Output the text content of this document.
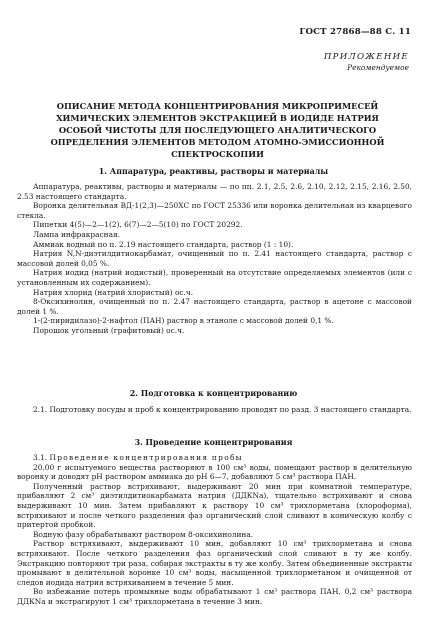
ГОСТ 27868—88 С. 11
ПРИЛОЖЕНИЕ
Рекомендуемое
ОПИСАНИЕ МЕТОДА КОНЦЕНТРИРОВАНИЯ МИКРОПРИМЕСЕЙ
ХИМИЧЕСКИХ ЭЛЕМЕНТОВ ЭКСТРАКЦИЕЙ В ИОДИДЕ НАТРИЯ
ОСОБОЙ ЧИСТОТЫ ДЛЯ ПОСЛЕДУЮЩЕГО АНАЛИТИЧЕСКОГО
ОПРЕДЕЛЕНИЯ ЭЛЕМЕНТОВ МЕТОДОМ АТОМНО-ЭМИССИОННОЙ
СПЕКТРОСКОПИИ
1. Аппаратура, реактивы, растворы и материалы

Аппаратура, реактивы, растворы и материалы — по пп. 2.1, 2.5, 2.6, 2.10, 2.12, 2.15, 2.16, 2.50, 2.53 настоящего стандарта.

Воронка делительная ВД-1(2,3)—250ХС по ГОСТ 25336 или воронка делительная из кварцевого стекла.

Пипетки 4(5)—2—1(2), 6(7)—2—5(10) по ГОСТ 20292.

Лампа инфракрасная.

Аммиак водный по п. 2.19 настоящего стандарта, раствор (1 : 10).

Натрия N,N-диэтилдитиокарбамат, очищенный по п. 2.41 настоящего стандарта, раствор с массовой долей 0,05 %.

Натрия иодид (натрий иодистый), проверенный на отсутствие определяемых элементов (или с установленным их содержанием).

Натрия хлорид (натрий хлористый) ос.ч.

8-Оксихинолин, очищенный по п. 2.47 настоящего стандарта, раствор в ацетоне с массовой долей 1 %.

1-(2-пиридилазо)-2-нафтол (ПАН) раствор в этаноле с массовой долей 0,1 %.

Порошок угольный (графитовый) ос.ч.

2. Подготовка к концентрированию

2.1. Подготовку посуды и проб к концентрированию проводят по разд. 3 настоящего стандарта.

3. Проведение концентрирования

3.1. Проведение концентрирования пробы

20,00 г испытуемого вещества растворяют в 100 см³ воды, помещают раствор в делительную воронку и доводят рН раствором аммиака до рН 6—7, добавляют 5 см³ раствора ПАН.

Полученный раствор встряхивают, выдерживают 20 мин при комнатной температуре, прибавляют 2 см³ диэтилдитиокарбамата натрия (ДДКNa), тщательно встряхивают и снова выдерживают 10 мин. Затем прибавляют к раствору 10 см³ трихлорметана (хлороформа), встряхивают и после четкого разделения фаз органический слой сливают в коническую колбу с притертой пробкой.

Водную фазу обрабатывают раствором 8-оксихинолина.

Раствор встряхивают, выдерживают 10 мин, добавляют 10 см³ трихлорметана и снова встряхивают. После четкого разделения фаз органический слой сливают в ту же колбу. Экстракцию повторяют три раза, собирая экстракты в ту же колбу. Затем объединенные экстракты промывают в делительной воронке 10 см³ воды, насыщенной трихлорметаном и очищенной от следов иодида натрия встряхиванием в течение 5 мин.

Во избежание потерь промывные воды обрабатывают 1 см³ раствора ПАН, 0,2 см³ раствора ДДКNa и экстрагируют 1 см³ трихлорметана в течение 3 мин.
